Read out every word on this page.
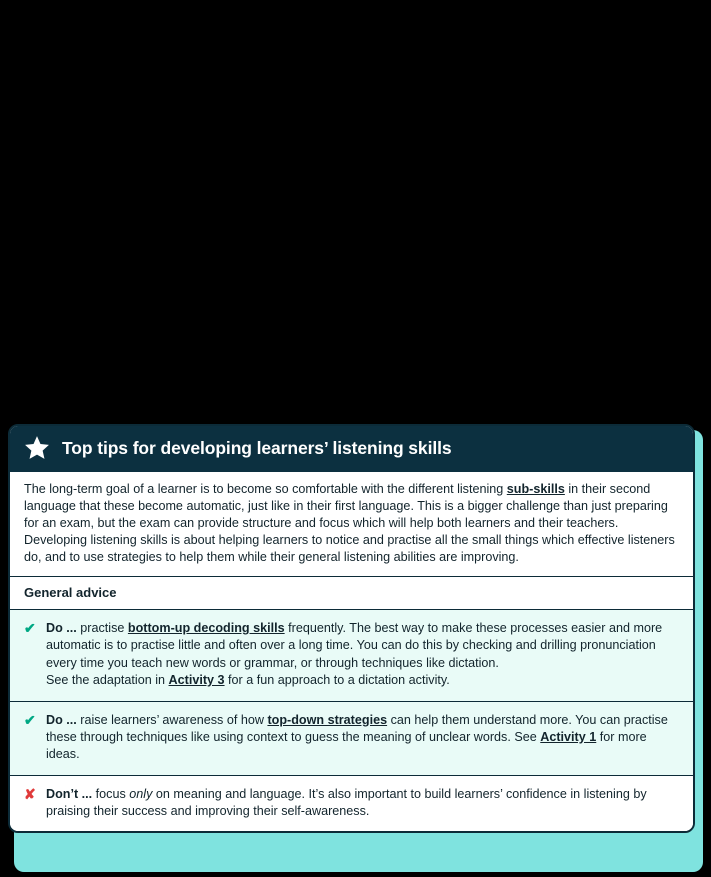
Top tips for developing learners’ listening skills
The long-term goal of a learner is to become so comfortable with the different listening sub-skills in their second language that these become automatic, just like in their first language. This is a bigger challenge than just preparing for an exam, but the exam can provide structure and focus which will help both learners and their teachers. Developing listening skills is about helping learners to notice and practise all the small things which effective listeners do, and to use strategies to help them while their general listening abilities are improving.
General advice
✔ Do ... practise bottom-up decoding skills frequently. The best way to make these processes easier and more automatic is to practise little and often over a long time. You can do this by checking and drilling pronunciation every time you teach new words or grammar, or through techniques like dictation.
See the adaptation in Activity 3 for a fun approach to a dictation activity.
✔ Do ... raise learners’ awareness of how top-down strategies can help them understand more. You can practise these through techniques like using context to guess the meaning of unclear words. See Activity 1 for more ideas.
✘ Don’t ... focus only on meaning and language. It’s also important to build learners’ confidence in listening by praising their success and improving their self-awareness.
